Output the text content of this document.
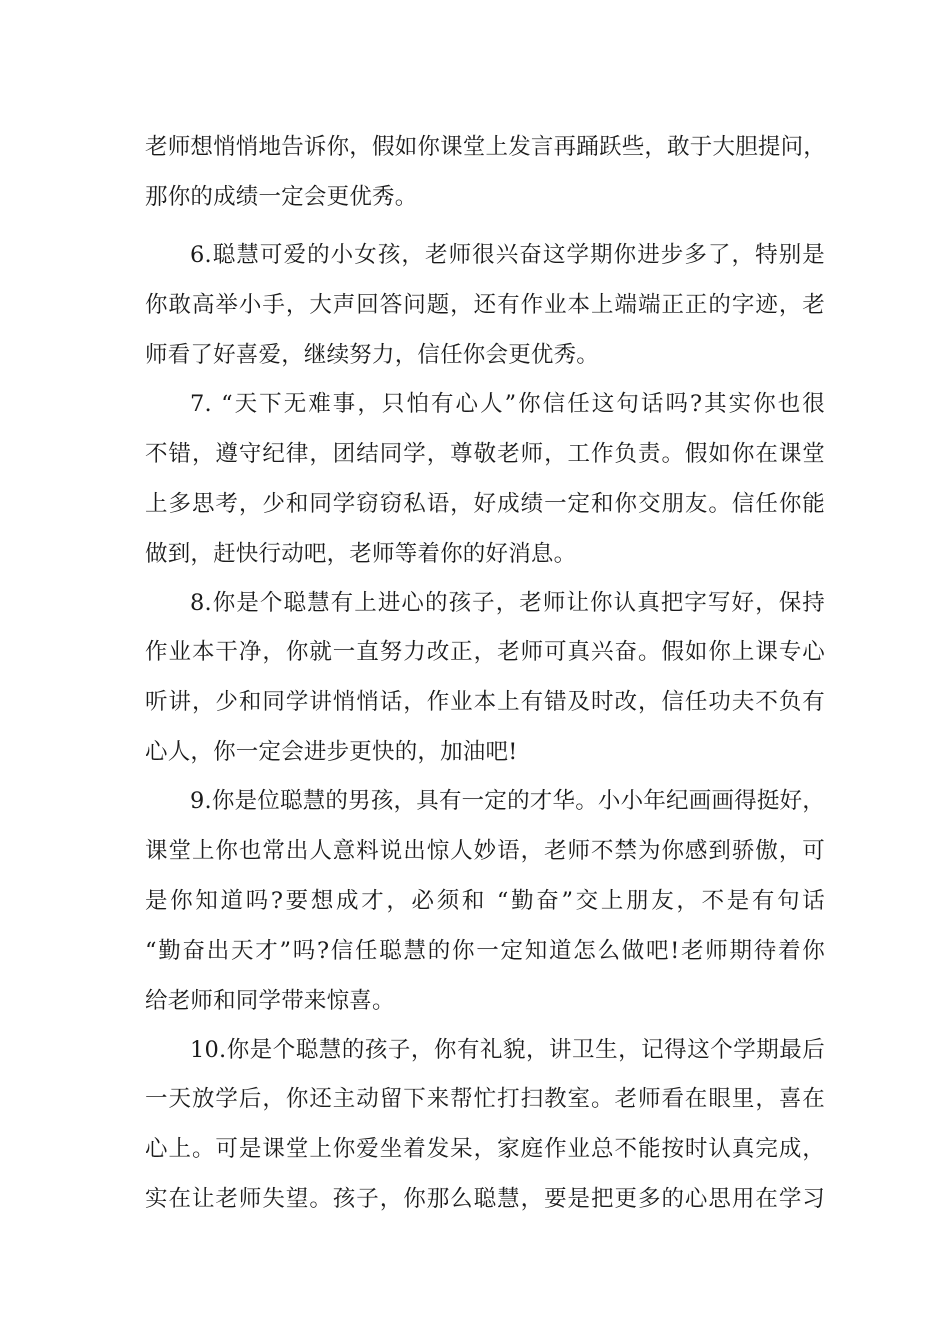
老师想悄悄地告诉你，假如你课堂上发言再踊跃些，敢于大胆提问，
那你的成绩一定会更优秀。
6.聪慧可爱的小女孩，老师很兴奋这学期你进步多了，特别是
你敢高举小手，大声回答问题，还有作业本上端端正正的字迹，老
师看了好喜爱，继续努力，信任你会更优秀。
7. “天下无难事，只怕有心人”你信任这句话吗?其实你也很
不错，遵守纪律，团结同学，尊敬老师，工作负责。假如你在课堂
上多思考，少和同学窃窃私语，好成绩一定和你交朋友。信任你能
做到，赶快行动吧，老师等着你的好消息。
8.你是个聪慧有上进心的孩子，老师让你认真把字写好，保持
作业本干净，你就一直努力改正，老师可真兴奋。假如你上课专心
听讲，少和同学讲悄悄话，作业本上有错及时改，信任功夫不负有
心人，你一定会进步更快的，加油吧!
9.你是位聪慧的男孩，具有一定的才华。小小年纪画画得挺好，
课堂上你也常出人意料说出惊人妙语，老师不禁为你感到骄傲，可
是你知道吗?要想成才，必须和 “勤奋”交上朋友，不是有句话
“勤奋出天才”吗?信任聪慧的你一定知道怎么做吧!老师期待着你
给老师和同学带来惊喜。
10.你是个聪慧的孩子，你有礼貌，讲卫生，记得这个学期最后
一天放学后，你还主动留下来帮忙打扫教室。老师看在眼里，喜在
心上。可是课堂上你爱坐着发呆，家庭作业总不能按时认真完成，
实在让老师失望。孩子，你那么聪慧，要是把更多的心思用在学习
